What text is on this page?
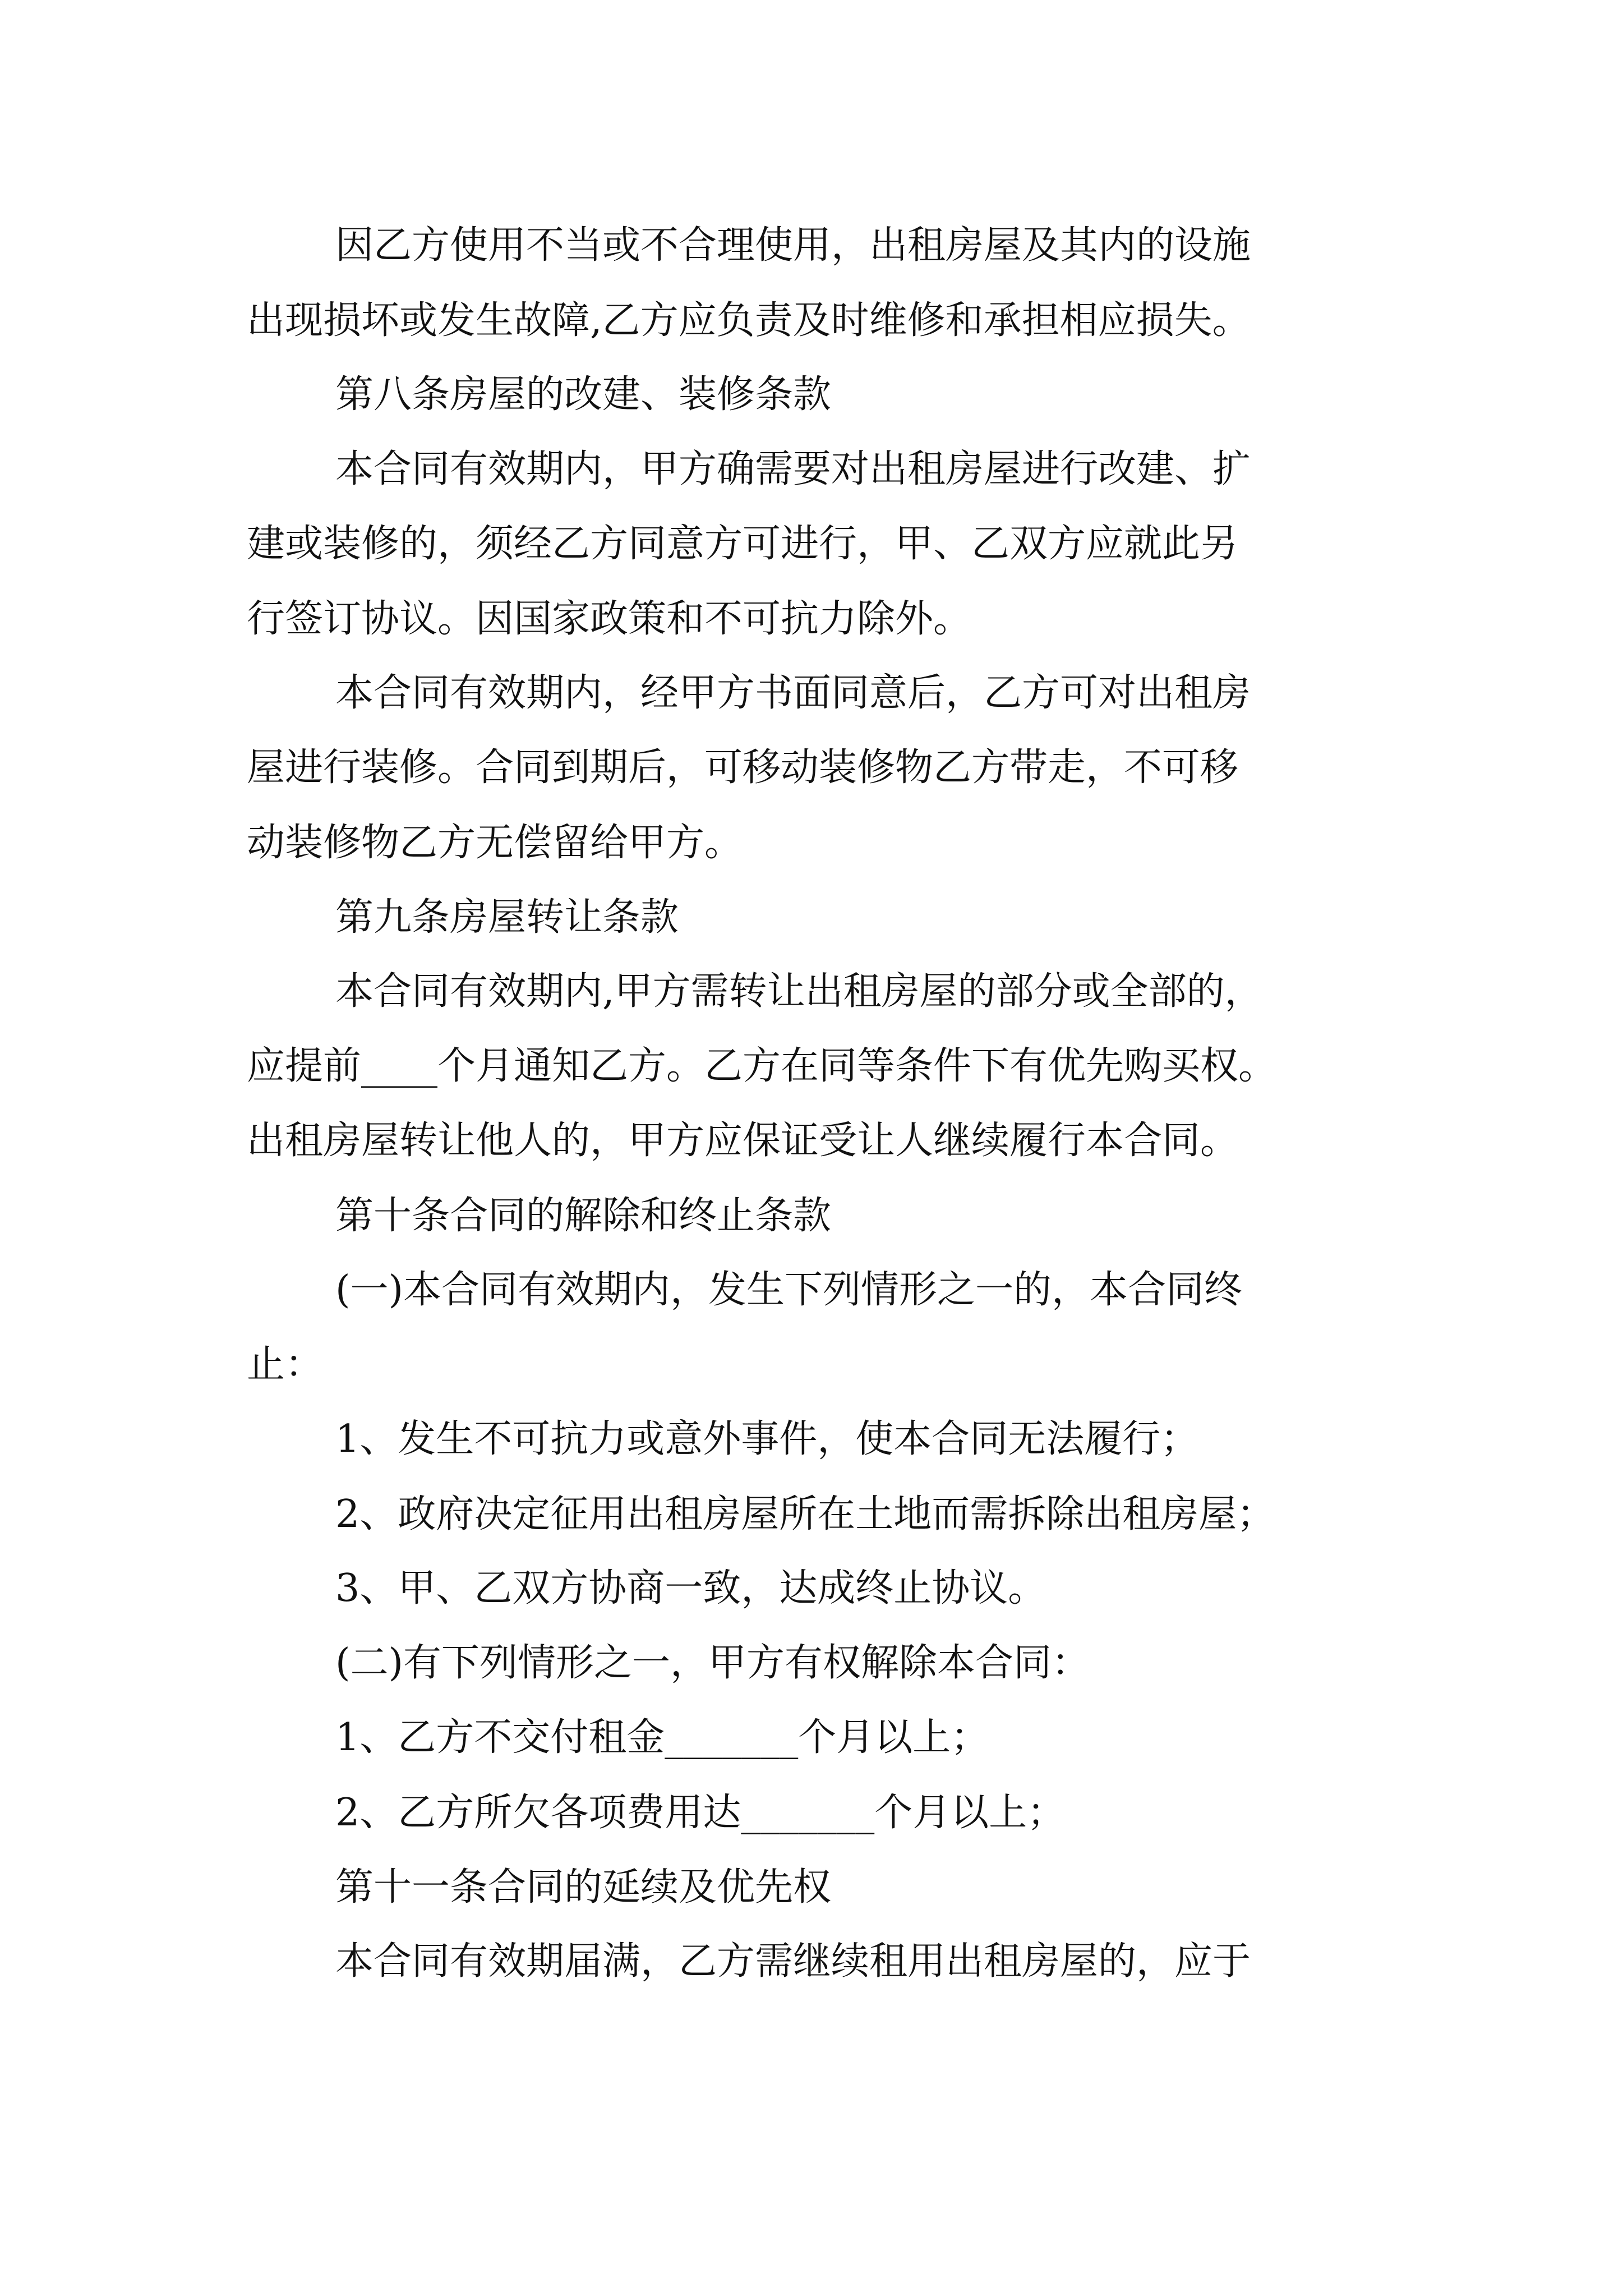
因乙方使用不当或不合理使用，出租房屋及其内的设施

出现损坏或发生故障,乙方应负责及时维修和承担相应损失。

第八条房屋的改建、装修条款

本合同有效期内，甲方确需要对出租房屋进行改建、扩

建或装修的，须经乙方同意方可进行，甲、乙双方应就此另

行签订协议。因国家政策和不可抗力除外。

本合同有效期内，经甲方书面同意后，乙方可对出租房

屋进行装修。合同到期后，可移动装修物乙方带走，不可移

动装修物乙方无偿留给甲方。

第九条房屋转让条款

本合同有效期内,甲方需转让出租房屋的部分或全部的，

应提前____个月通知乙方。乙方在同等条件下有优先购买权。

出租房屋转让他人的，甲方应保证受让人继续履行本合同。

第十条合同的解除和终止条款

(一)本合同有效期内，发生下列情形之一的，本合同终

止：

1、发生不可抗力或意外事件，使本合同无法履行；

2、政府决定征用出租房屋所在土地而需拆除出租房屋；

3、甲、乙双方协商一致，达成终止协议。

(二)有下列情形之一，甲方有权解除本合同：

1、乙方不交付租金_______个月以上；

2、乙方所欠各项费用达_______个月以上；

第十一条合同的延续及优先权

本合同有效期届满，乙方需继续租用出租房屋的，应于
